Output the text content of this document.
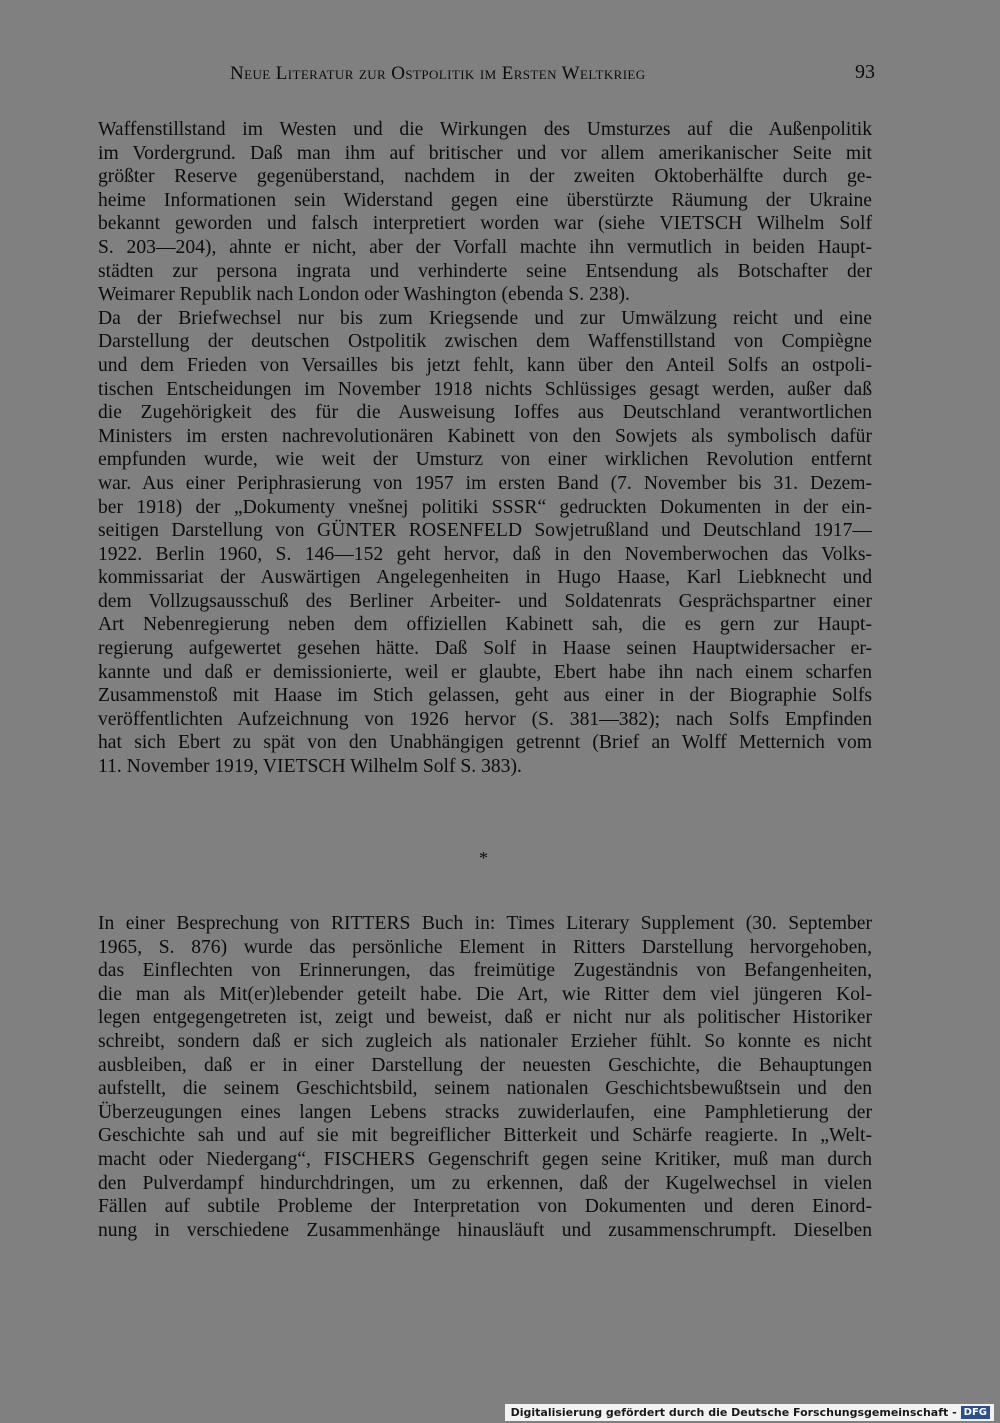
Neue Literatur zur Ostpolitik im Ersten Weltkrieg	93
Waffenstillstand im Westen und die Wirkungen des Umsturzes auf die Außenpolitik
im Vordergrund. Daß man ihm auf britischer und vor allem amerikanischer Seite mit
größter Reserve gegenüberstand, nachdem in der zweiten Oktoberhälfte durch ge-
heime Informationen sein Widerstand gegen eine überstürzte Räumung der Ukraine
bekannt geworden und falsch interpretiert worden war (siehe VIETSCH Wilhelm Solf
S. 203—204), ahnte er nicht, aber der Vorfall machte ihn vermutlich in beiden Haupt-
städten zur persona ingrata und verhinderte seine Entsendung als Botschafter der
Weimarer Republik nach London oder Washington (ebenda S. 238).
Da der Briefwechsel nur bis zum Kriegsende und zur Umwälzung reicht und eine
Darstellung der deutschen Ostpolitik zwischen dem Waffenstillstand von Compiègne
und dem Frieden von Versailles bis jetzt fehlt, kann über den Anteil Solfs an ostpoli-
tischen Entscheidungen im November 1918 nichts Schlüssiges gesagt werden, außer daß
die Zugehörigkeit des für die Ausweisung Ioffes aus Deutschland verantwortlichen
Ministers im ersten nachrevolutionären Kabinett von den Sowjets als symbolisch dafür
empfunden wurde, wie weit der Umsturz von einer wirklichen Revolution entfernt
war. Aus einer Periphrasierung von 1957 im ersten Band (7. November bis 31. Dezem-
ber 1918) der „Dokumenty vnešnej politiki SSSR“ gedruckten Dokumenten in der ein-
seitigen Darstellung von GÜNTER ROSENFELD Sowjetrußland und Deutschland 1917—
1922. Berlin 1960, S. 146—152 geht hervor, daß in den Novemberwochen das Volks-
kommissariat der Auswärtigen Angelegenheiten in Hugo Haase, Karl Liebknecht und
dem Vollzugsausschuß des Berliner Arbeiter- und Soldatenrats Gesprächspartner einer
Art Nebenregierung neben dem offiziellen Kabinett sah, die es gern zur Haupt-
regierung aufgewertet gesehen hätte. Daß Solf in Haase seinen Hauptwidersacher er-
kannte und daß er demissionierte, weil er glaubte, Ebert habe ihn nach einem scharfen
Zusammenstoß mit Haase im Stich gelassen, geht aus einer in der Biographie Solfs
veröffentlichten Aufzeichnung von 1926 hervor (S. 381—382); nach Solfs Empfinden
hat sich Ebert zu spät von den Unabhängigen getrennt (Brief an Wolff Metternich vom
11. November 1919, VIETSCH Wilhelm Solf S. 383).
*
In einer Besprechung von RITTERS Buch in: Times Literary Supplement (30. September
1965, S. 876) wurde das persönliche Element in Ritters Darstellung hervorgehoben,
das Einflechten von Erinnerungen, das freimütige Zugeständnis von Befangenheiten,
die man als Mit(er)lebender geteilt habe. Die Art, wie Ritter dem viel jüngeren Kol-
legen entgegengetreten ist, zeigt und beweist, daß er nicht nur als politischer Historiker
schreibt, sondern daß er sich zugleich als nationaler Erzieher fühlt. So konnte es nicht
ausbleiben, daß er in einer Darstellung der neuesten Geschichte, die Behauptungen
aufstellt, die seinem Geschichtsbild, seinem nationalen Geschichtsbewußtsein und den
Überzeugungen eines langen Lebens stracks zuwiderlaufen, eine Pamphletierung der
Geschichte sah und auf sie mit begreiflicher Bitterkeit und Schärfe reagierte. In „Welt-
macht oder Niedergang“, FISCHERS Gegenschrift gegen seine Kritiker, muß man durch
den Pulverdampf hindurchdringen, um zu erkennen, daß der Kugelwechsel in vielen
Fällen auf subtile Probleme der Interpretation von Dokumenten und deren Einord-
nung in verschiedene Zusammenhänge hinausläuft und zusammenschrumpft. Dieselben
Digitalisierung gefördert durch die Deutsche Forschungsgemeinschaft - DFG
